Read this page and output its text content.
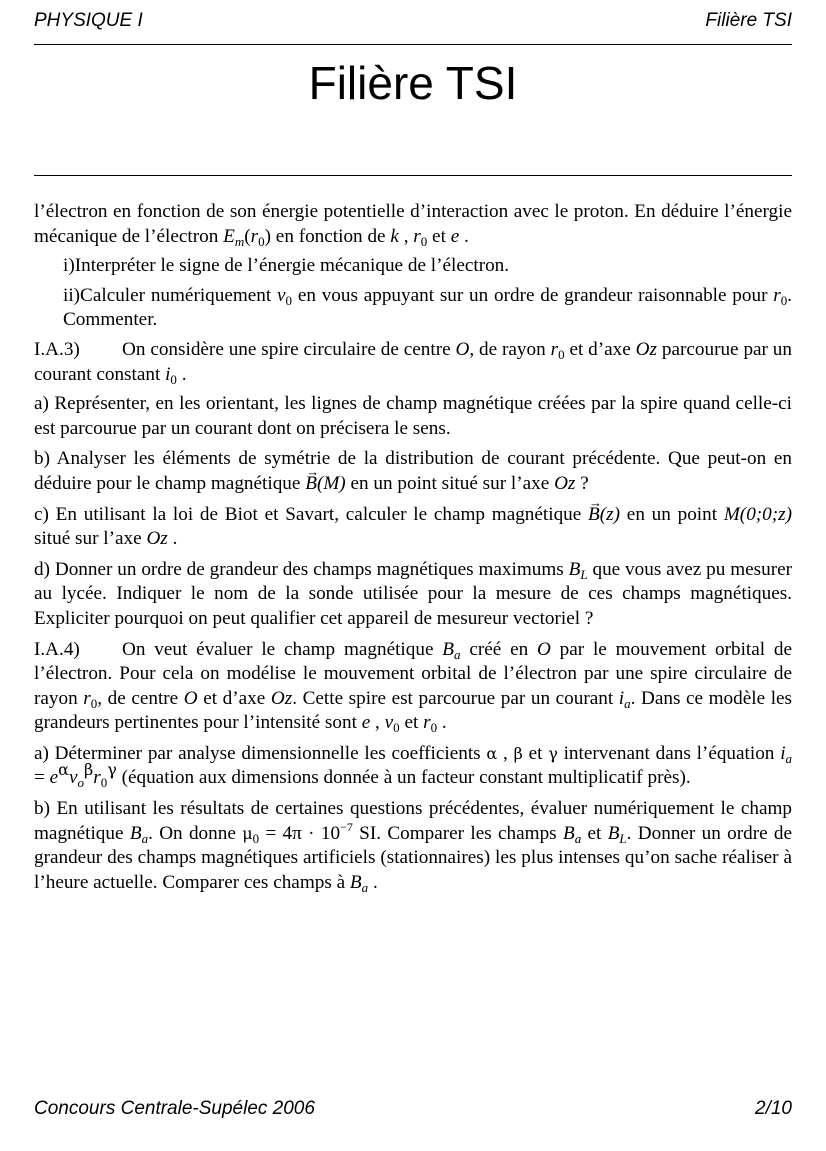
PHYSIQUE I	Filière TSI
Filière TSI

l’électron en fonction de son énergie potentielle d’interaction avec le proton. En déduire l’énergie mécanique de l’électron $E_m(r_0)$ en fonction de k , $r_0$ et e .

i)Interpréter le signe de l’énergie mécanique de l’électron.

ii)Calculer numériquement $v_0$ en vous appuyant sur un ordre de grandeur raisonnable pour $r_0$. Commenter.

I.A.3) On considère une spire circulaire de centre O, de rayon $r_0$ et d’axe Oz parcourue par un courant constant $i_0$ .

a) Représenter, en les orientant, les lignes de champ magnétique créées par la spire quand celle-ci est parcourue par un courant dont on précisera le sens.

b) Analyser les éléments de symétrie de la distribution de courant précédente. Que peut-on en déduire pour le champ magnétique → B(M) en un point situé sur l’axe Oz ?

c) En utilisant la loi de Biot et Savart, calculer le champ magnétique → B(z) en un point M(0;0;z) situé sur l’axe Oz .

d) Donner un ordre de grandeur des champs magnétiques maximums $B_L$ que vous avez pu mesurer au lycée. Indiquer le nom de la sonde utilisée pour la mesure de ces champs magnétiques. Expliciter pourquoi on peut qualifier cet appareil de mesureur vectoriel ?

I.A.4) On veut évaluer le champ magnétique $B_a$ créé en O par le mouvement orbital de l’électron. Pour cela on modélise le mouvement orbital de l’électron par une spire circulaire de rayon $r_0$, de centre O et d’axe Oz. Cette spire est parcourue par un courant $i_a$. Dans ce modèle les grandeurs pertinentes pour l’intensité sont e , $v_0$ et $r_0$ .

a) Déterminer par analyse dimensionnelle les coefficients α , β et γ intervenant dans l’équation $i_a = e^\alpha v_o^\beta r_0^\gamma$ (équation aux dimensions donnée à un facteur constant multiplicatif près).

b) En utilisant les résultats de certaines questions précédentes, évaluer numériquement le champ magnétique $B_a$. On donne $\mu_0 = 4\pi \cdot 10^{-7}$ SI. Comparer les champs $B_a$ et $B_L$. Donner un ordre de grandeur des champs magnétiques artificiels (stationnaires) les plus intenses qu’on sache réaliser à l’heure actuelle. Comparer ces champs à $B_a$ .

Concours Centrale-Supélec 2006	2/10
